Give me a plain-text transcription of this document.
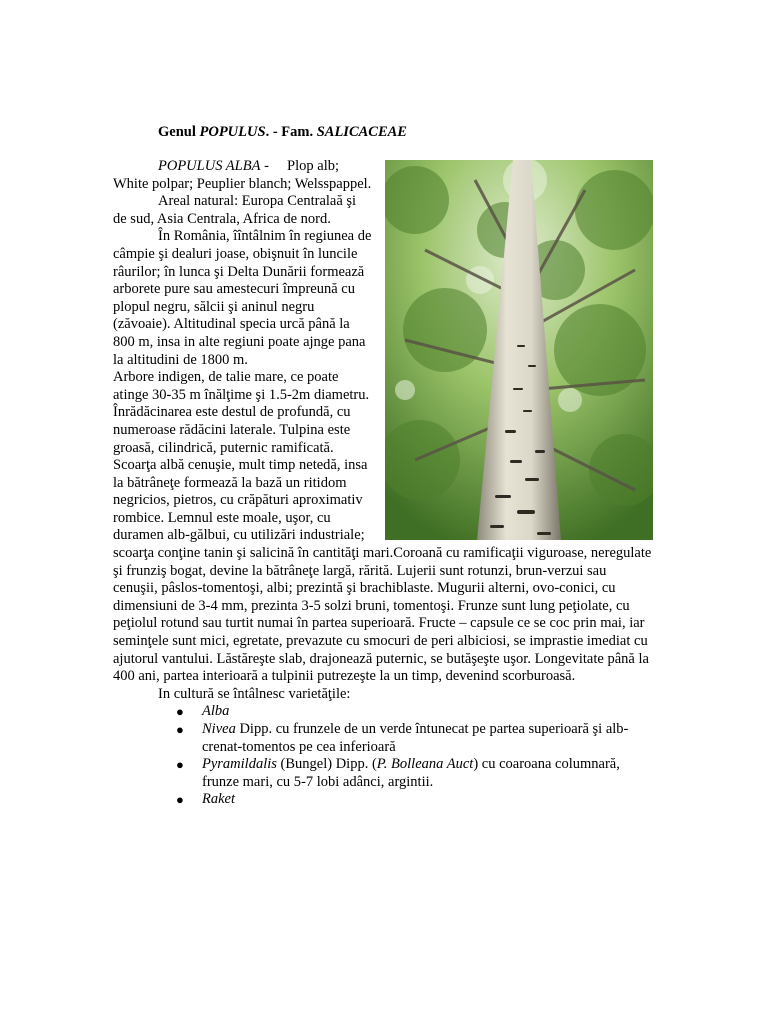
Genul POPULUS. - Fam. SALICACEAE

POPULUS ALBA -     Plop alb; White polpar; Peuplier blanch; Welsspappel.

Areal natural: Europa Centralaă şi de sud, Asia Centrala, Africa de nord.

În România, îîntâlnim în regiunea de câmpie şi dealuri joase, obişnuit în luncile râurilor; în lunca şi Delta Dunării formează arborete pure sau amestecuri împreună cu plopul negru, sălcii şi aninul negru (zăvoaie). Altitudinal specia urcă până la 800 m, insa in alte regiuni poate ajnge pana la altitudini de 1800 m.

Arbore indigen, de talie mare, ce poate atinge 30-35 m înălţime şi 1.5-2m diametru.

Înrădăcinarea este destul de profundă, cu numeroase rădăcini laterale. Tulpina este groasă, cilindrică, puternic ramificată. Scoarţa albă cenuşie, mult timp netedă, insa la bătrâneţe formează la bază un ritidom negricios, pietros, cu crăpături aproximativ rombice. Lemnul este moale, uşor, cu duramen alb-gălbui, cu utilizări industriale; scoarţa conţine tanin şi salicină în cantităţi mari.Coroană cu ramificaţii viguroase, neregulate şi frunziş bogat, devine la bătrâneţe largă, rărită. Lujerii sunt rotunzi, brun-verzui sau cenuşii, pâslos-tomentoşi, albi; prezintă şi brachiblaste. Mugurii alterni, ovo-conici, cu dimensiuni de 3-4 mm, prezinta 3-5 solzi bruni, tomentoşi. Frunze sunt lung peţiolate, cu peţiolul rotund sau turtit numai în partea superioară. Fructe – capsule ce se coc prin mai, iar seminţele sunt mici, egretate, prevazute cu smocuri de peri albiciosi, se imprastie imediat cu ajutorul vantului. Lăstăreşte slab, drajonează puternic, se butăşeşte uşor. Longevitate până la 400 ani, partea interioară a tulpinii putrezeşte la un timp, devenind scorburoasă.

In cultură se întâlnesc varietăţile:

● Alba
● Nivea Dipp. cu frunzele de un verde întunecat pe partea superioară şi alb-crenat-tomentos pe cea inferioară
● Pyramildalis (Bungel) Dipp. (P. Bolleana Auct) cu coaroana columnară, frunze mari, cu 5-7 lobi adânci, argintii.
● Raket
